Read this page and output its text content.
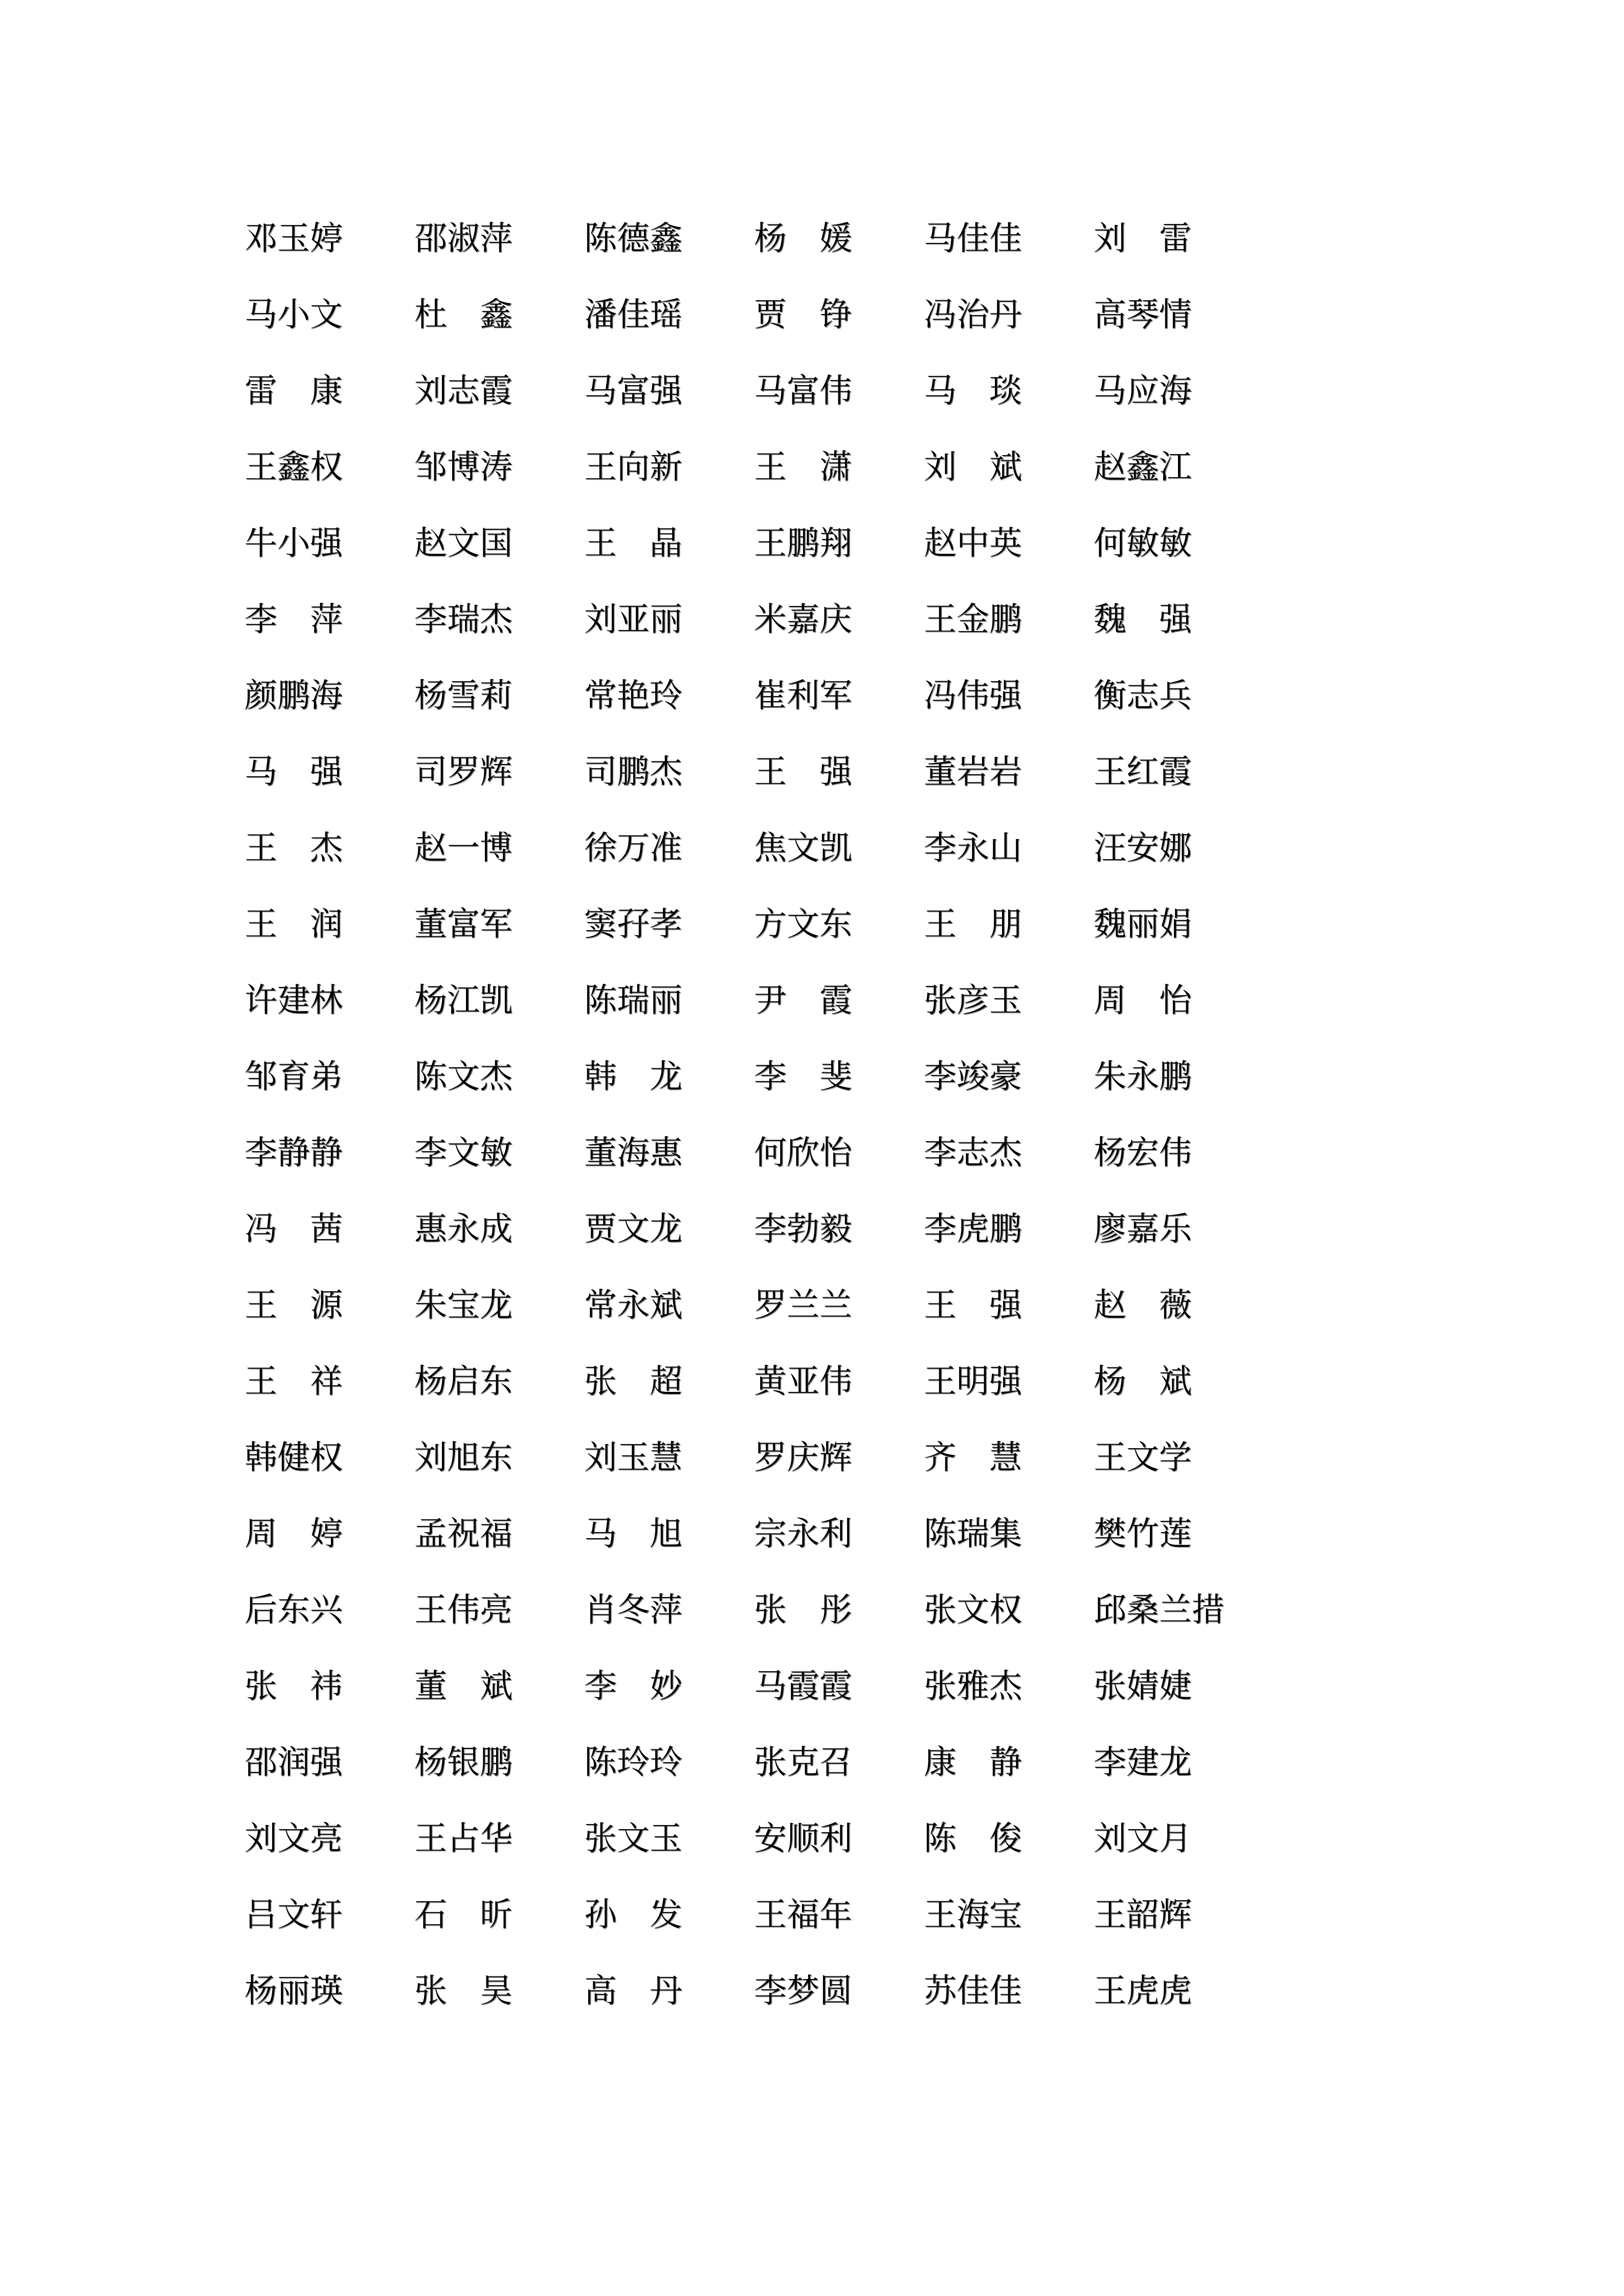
邓玉婷 邵淑萍 陈德鑫 杨　媛 马佳佳 刘　雷
马小文 杜　鑫 潘佳瑶 贾　铮 冯治丹 高琴情
雷　康 刘志霞 马富强 马富伟 马　琰 马应海
王鑫权 邹博涛 王向新 王　潇 刘　斌 赵鑫江
牛小强 赵文国 王　晶 王鹏翔 赵中英 何敏敏
李　萍 李瑞杰 刘亚丽 米嘉庆 王金鹏 魏　强
颜鹏海 杨雪莉 常艳玲 崔利军 冯伟强 衡志兵
马　强 司罗辉 司鹏杰 王　强 董岩岩 王红霞
王　杰 赵一博 徐万准 焦文凯 李永山 汪安娜
王　润 董富军 窦孖孝 方文东 王　朋 魏丽娟
许建林 杨江凯 陈瑞丽 尹　霞 张彦玉 周　怡
邹育弟 陈文杰 韩　龙 李　斐 李竣豪 朱永鹏
李静静 李文敏 董海惠 何欣怡 李志杰 杨宏伟
冯　茜 惠永成 贾文龙 李勃毅 李虎鹏 廖嘉乐
王　源 朱宝龙 常永斌 罗兰兰 王　强 赵　薇
王　祥 杨启东 张　超 黄亚伟 王明强 杨　斌
韩健权 刘旭东 刘玉慧 罗庆辉 齐　慧 王文学
周　婷 孟祝福 马　旭 宗永利 陈瑞集 樊竹莲
后东兴 王伟亮 肖冬萍 张　彤 张文权 邱桑兰措
张　祎 董　斌 李　妙 马霞霞 张雅杰 张婧婕
邵润强 杨银鹏 陈玲玲 张克召 康　静 李建龙
刘文亮 王占华 张文玉 安顺利 陈　俊 刘文月
吕文轩 石　昕 孙　发 王福年 王海宝 王韶辉
杨丽瑛 张　昊 高　丹 李梦圆 苏佳佳 王虎虎
